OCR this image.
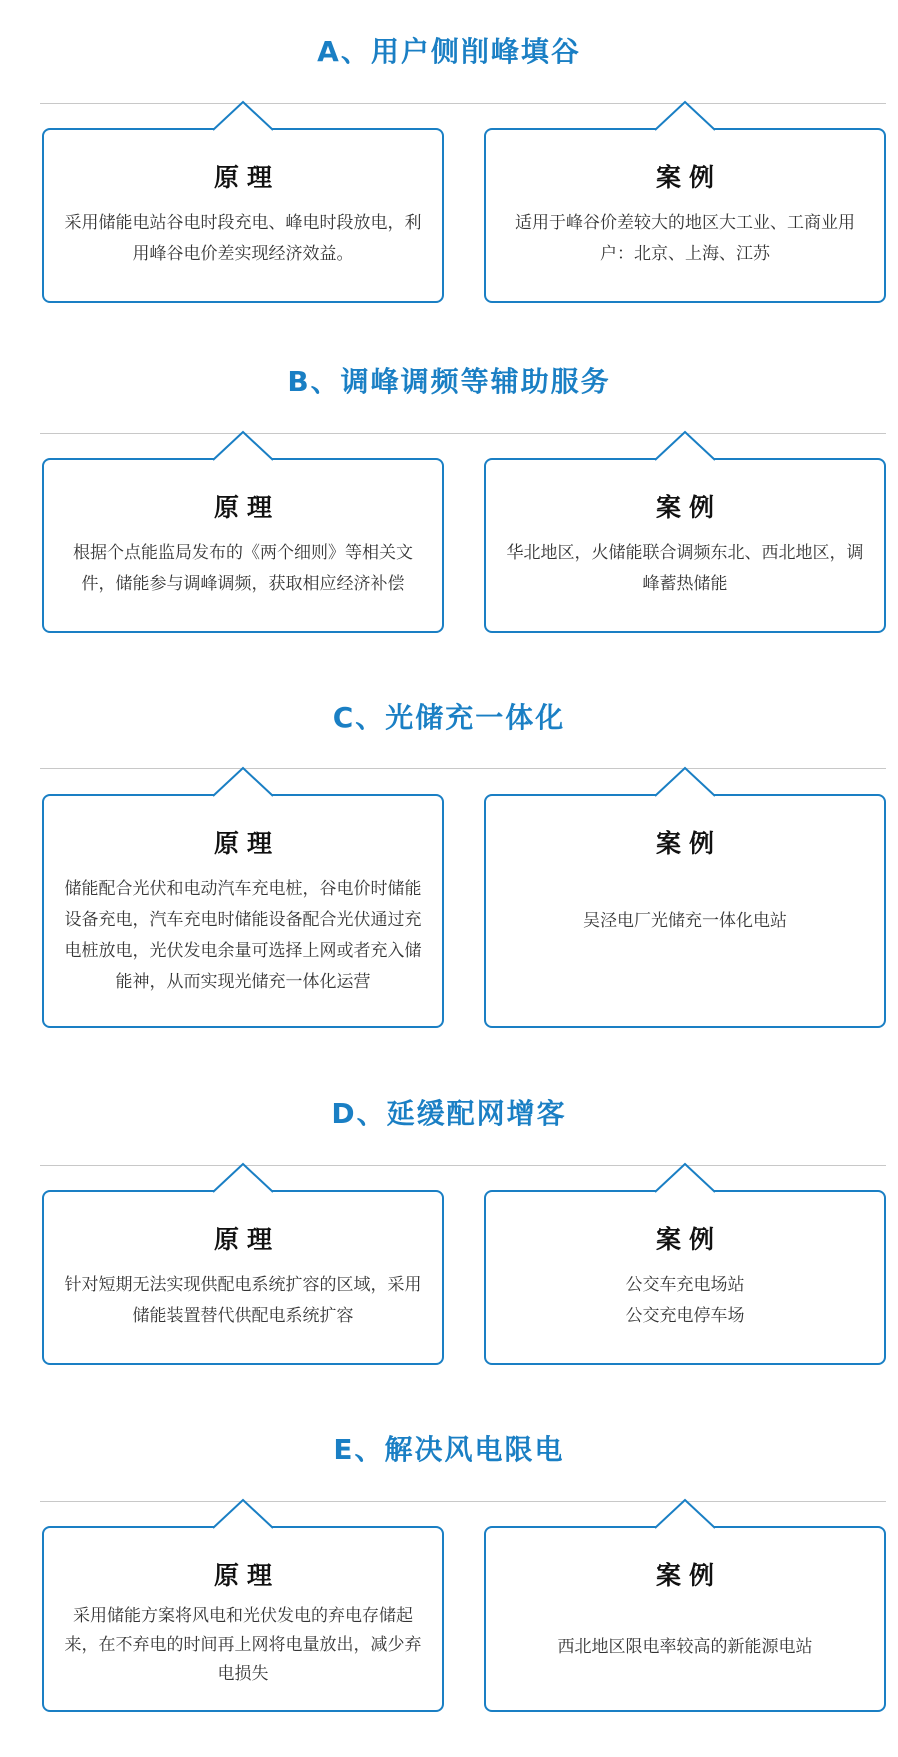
A、用户侧削峰填谷
原理
采用储能电站谷电时段充电、峰电时段放电，利用峰谷电价差实现经济效益。
案例
适用于峰谷价差较大的地区大工业、工商业用户：北京、上海、江苏
B、调峰调频等辅助服务
原理
根据个点能监局发布的《两个细则》等相关文件，储能参与调峰调频，获取相应经济补偿
案例
华北地区，火储能联合调频东北、西北地区，调峰蓄热储能
C、光储充一体化
原理
储能配合光伏和电动汽车充电桩，谷电价时储能设备充电，汽车充电时储能设备配合光伏通过充电桩放电，光伏发电余量可选择上网或者充入储能神，从而实现光储充一体化运营
案例
吴泾电厂光储充一体化电站
D、延缓配网增客
原理
针对短期无法实现供配电系统扩容的区域，采用储能装置替代供配电系统扩容
案例
公交车充电场站
公交充电停车场
E、解决风电限电
原理
采用储能方案将风电和光伏发电的弃电存储起来，在不弃电的时间再上网将电量放出，减少弃电损失
案例
西北地区限电率较高的新能源电站
